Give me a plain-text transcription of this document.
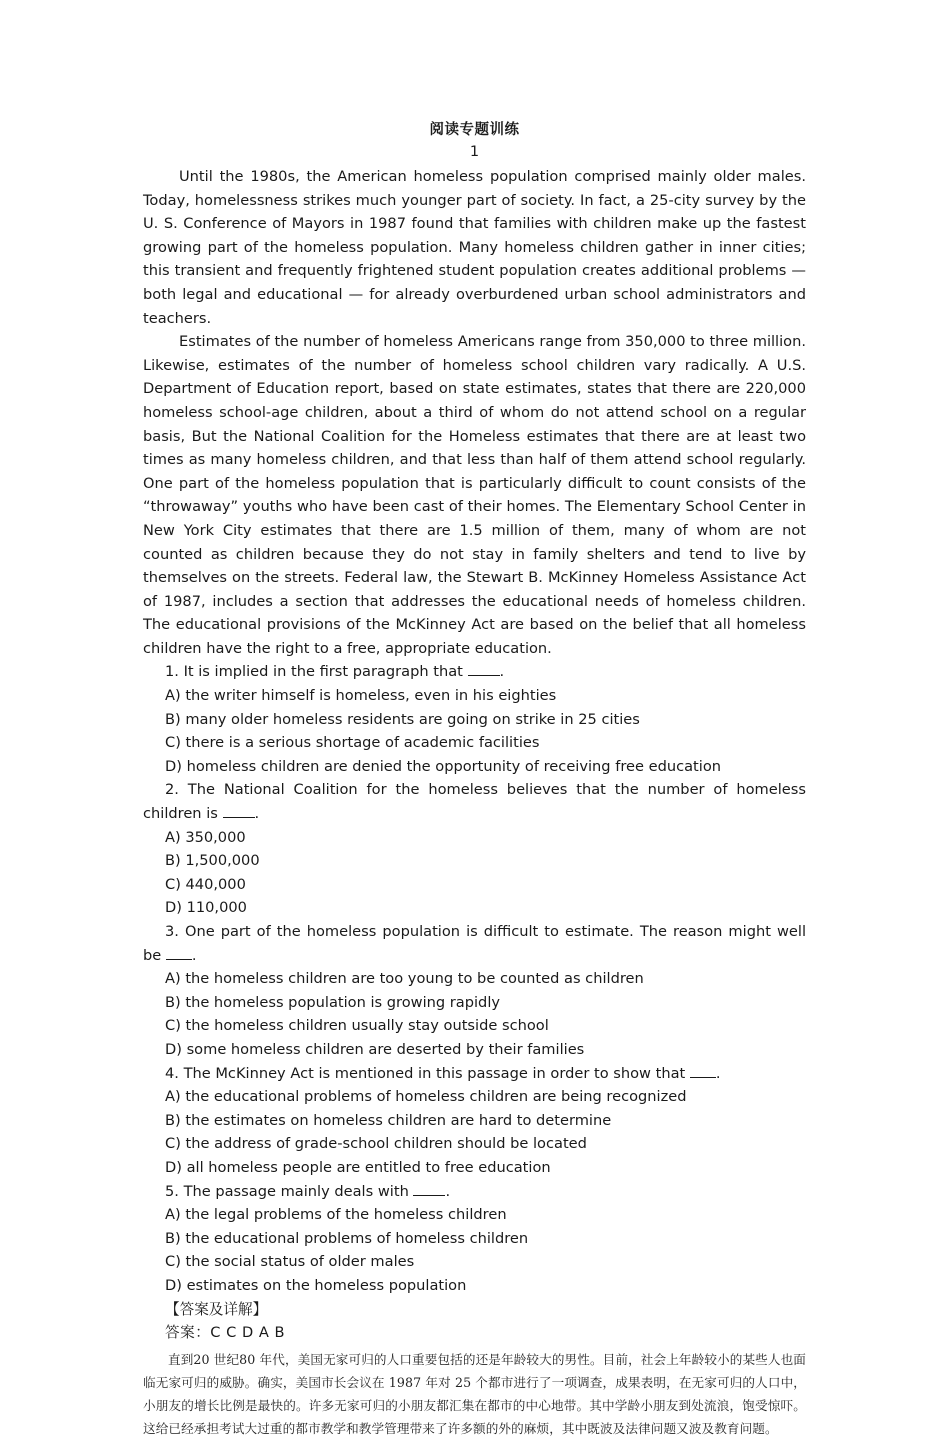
阅读专题训练
1

Until the 1980s, the American homeless population comprised mainly older males. Today, homelessness strikes much younger part of society. In fact, a 25-city survey by the U. S. Conference of Mayors in 1987 found that families with children make up the fastest growing part of the homeless population. Many homeless children gather in inner cities; this transient and frequently frightened student population creates additional problems — both legal and educational — for already overburdened urban school administrators and teachers.

Estimates of the number of homeless Americans range from 350,000 to three million. Likewise, estimates of the number of homeless school children vary radically. A U.S. Department of Education report, based on state estimates, states that there are 220,000 homeless school-age children, about a third of whom do not attend school on a regular basis, But the National Coalition for the Homeless estimates that there are at least two times as many homeless children, and that less than half of them attend school regularly. One part of the homeless population that is particularly difficult to count consists of the “throwaway” youths who have been cast of their homes. The Elementary School Center in New York City estimates that there are 1.5 million of them, many of whom are not counted as children because they do not stay in family shelters and tend to live by themselves on the streets. Federal law, the Stewart B. McKinney Homeless Assistance Act of 1987, includes a section that addresses the educational needs of homeless children. The educational provisions of the McKinney Act are based on the belief that all homeless children have the right to a free, appropriate education.

1. It is implied in the first paragraph that	.

A) the writer himself is homeless, even in his eighties

B) many older homeless residents are going on strike in 25 cities

C) there is a serious shortage of academic facilities

D) homeless children are denied the opportunity of receiving free education

2. The National Coalition for the homeless believes that the number of homeless children is	.

A) 350,000

B) 1,500,000

C) 440,000

D) 110,000

3. One part of the homeless population is difficult to estimate. The reason might well be .

A) the homeless children are too young to be counted as children

B) the homeless population is growing rapidly

C) the homeless children usually stay outside school

D) some homeless children are deserted by their families

4. The McKinney Act is mentioned in this passage in order to show that .

A) the educational problems of homeless children are being recognized

B) the estimates on homeless children are hard to determine

C) the address of grade-school children should be located

D) all homeless people are entitled to free education

5. The passage mainly deals with	.

A) the legal problems of the homeless children

B) the educational problems of homeless children

C) the social status of older males

D) estimates on the homeless population

【答案及详解】

答案：C C D A B

直到20 世纪80 年代，美国无家可归的人口重要包括的还是年龄较大的男性。目前，社会上年龄较小的某些人也面临无家可归的威胁。确实，美国市长会议在 1987 年对 25 个都市进行了一项调查，成果表明，在无家可归的人口中，小朋友的增长比例是最快的。许多无家可归的小朋友都汇集在都市的中心地带。其中学龄小朋友到处流浪，饱受惊吓。这给已经承担考试大过重的都市教学和教学管理带来了许多额的外的麻烦，其中既波及法律问题又波及教育问题。
